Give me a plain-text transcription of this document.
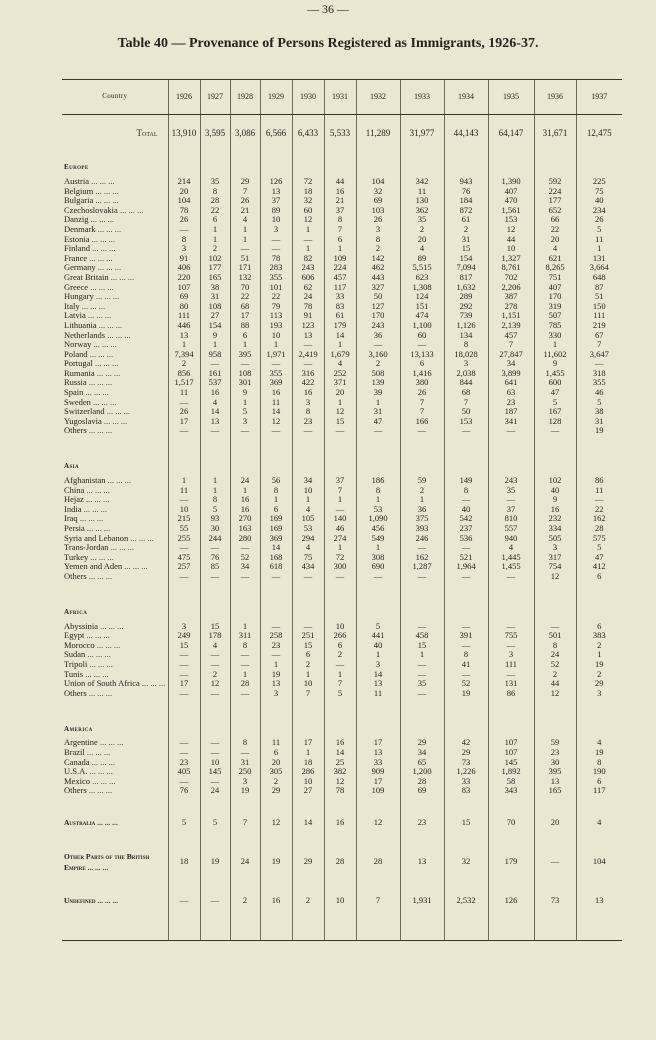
— 36 —
Table 40 — Provenance of Persons Registered as Immigrants, 1926-37.
Country	1926	1927	1928	1929	1930	1931	1932	1933	1934	1935	1936	1937
Total	13,910	3,595	3,086	6,566	6,433	5,533	11,289	31,977	44,143	64,147	31,671	12,475
Europe												
Austria ... ... ...	214	35	29	126	72	44	104	342	943	1,390	592	225
Belgium ... ... ...	20	8	7	13	18	16	32	11	76	407	224	75
Bulgaria ... ... ...	104	28	26	37	32	21	69	130	184	470	177	40
Czechoslovakia ... ... ...	78	22	21	89	60	37	103	362	872	1,561	652	234
Danzig ... ... ...	26	6	4	10	12	8	26	35	61	153	66	26
Denmark ... ... ...	—	1	1	3	1	7	3	2	2	12	22	5
Estonia ... ... ...	8	1	1	—	—	6	8	20	31	44	20	11
Finland ... ... ...	3	2	—	—	1	1	2	4	15	10	4	1
France ... ... ...	91	102	51	78	82	109	142	89	154	1,327	621	131
Germany ... ... ...	406	177	171	283	243	224	462	5,515	7,094	8,761	8,265	3,664
Great Britain ... ... ...	220	165	132	355	606	457	443	623	817	702	751	648
Greece ... ... ...	107	38	70	101	62	117	327	1,308	1,632	2,206	407	87
Hungary ... ... ...	69	31	22	22	24	33	50	124	289	387	170	51
Italy ... ... ...	80	108	68	79	78	83	127	151	292	278	319	150
Latvia ... ... ...	111	27	17	113	91	61	170	474	739	1,151	507	111
Lithuania ... ... ...	446	154	88	193	123	179	243	1,100	1,126	2,139	785	219
Netherlands ... ... ...	13	9	6	10	13	14	36	60	134	457	330	67
Norway ... ... ...	1	1	1	1	—	1	—	—	8	7	1	7
Poland ... ... ...	7,394	958	395	1,971	2,419	1,679	3,160	13,133	18,028	27,847	11,602	3,647
Portugal ... ... ...	2	—	—	—	—	4	2	6	3	34	9	—
Rumania ... ... ...	856	161	108	355	316	252	508	1,416	2,038	3,899	1,455	318
Russia ... ... ...	1,517	537	301	369	422	371	139	380	844	641	600	355
Spain ... ... ...	11	16	9	16	16	20	39	26	68	63	47	46
Sweden ... ... ...	—	4	1	11	3	1	1	7	7	23	5	5
Switzerland ... ... ...	26	14	5	14	8	12	31	7	50	187	167	38
Yugoslavia ... ... ...	17	13	3	12	23	15	47	166	153	341	128	31
Others ... ... ...	—	—	—	—	—	—	—	—	—	—	—	19

Asia												
Afghanistan ... ... ...	1	1	24	56	34	37	186	59	149	243	102	86
China ... ... ...	11	1	1	8	10	7	8	2	8	35	40	11
Hejaz ... ... ...	—	8	16	1	1	1	1	1	—	—	9	—
India ... ... ...	10	5	16	6	4	—	53	36	40	37	16	22
Iraq ... ... ...	215	93	270	169	105	140	1,090	375	542	810	232	162
Persia ... ... ...	55	30	163	169	53	46	456	393	237	557	334	28
Syria and Lebanon ... ... ...	255	244	280	369	294	274	549	246	536	940	505	575
Trans-Jordan ... ... ...	—	—	—	14	4	1	1	—	—	4	3	5
Turkey ... ... ...	475	76	52	168	75	72	308	162	521	1,445	317	47
Yemen and Aden ... ... ...	257	85	34	618	434	300	690	1,287	1,964	1,455	754	412
Others ... ... ...	—	—	—	—	—	—	—	—	—	—	12	6

Africa												
Abyssinia ... ... ...	3	15	1	—	—	10	5	—	—	—	—	6
Egypt ... ... ...	249	178	311	258	251	266	441	458	391	755	501	383
Morocco ... ... ...	15	4	8	23	15	6	40	15	—	—	8	2
Sudan ... ... ...	—	—	—	—	6	2	1	1	8	3	24	1
Tripoli ... ... ...	—	—	—	1	2	—	3	—	41	111	52	19
Tunis ... ... ...	—	2	1	19	1	1	14	—	—	—	2	2
Union of South Africa ... ... ...	17	12	28	13	10	7	13	35	52	131	44	29
Others ... ... ...	—	—	—	3	7	5	11	—	19	86	12	3

America												
Argentine ... ... ...	—	—	8	11	17	16	17	29	42	107	59	4
Brazil ... ... ...	—	—	—	6	1	14	13	34	29	107	23	19
Canada ... ... ...	23	10	31	20	18	25	33	65	73	145	30	8
U.S.A. ... ... ...	405	145	250	305	286	382	909	1,200	1,226	1,892	395	190
Mexico ... ... ...	—	—	3	2	10	12	17	28	33	58	13	6
Others ... ... ...	76	24	19	29	27	78	109	69	83	343	165	117

Australia ... ... ...	5	5	7	12	14	16	12	23	15	70	20	4

Other Parts of the British Empire ... ... ...	18	19	24	19	29	28	28	13	32	179	—	104

Undefined ... ... ...	—	—	2	16	2	10	7	1,931	2,532	126	73	13
